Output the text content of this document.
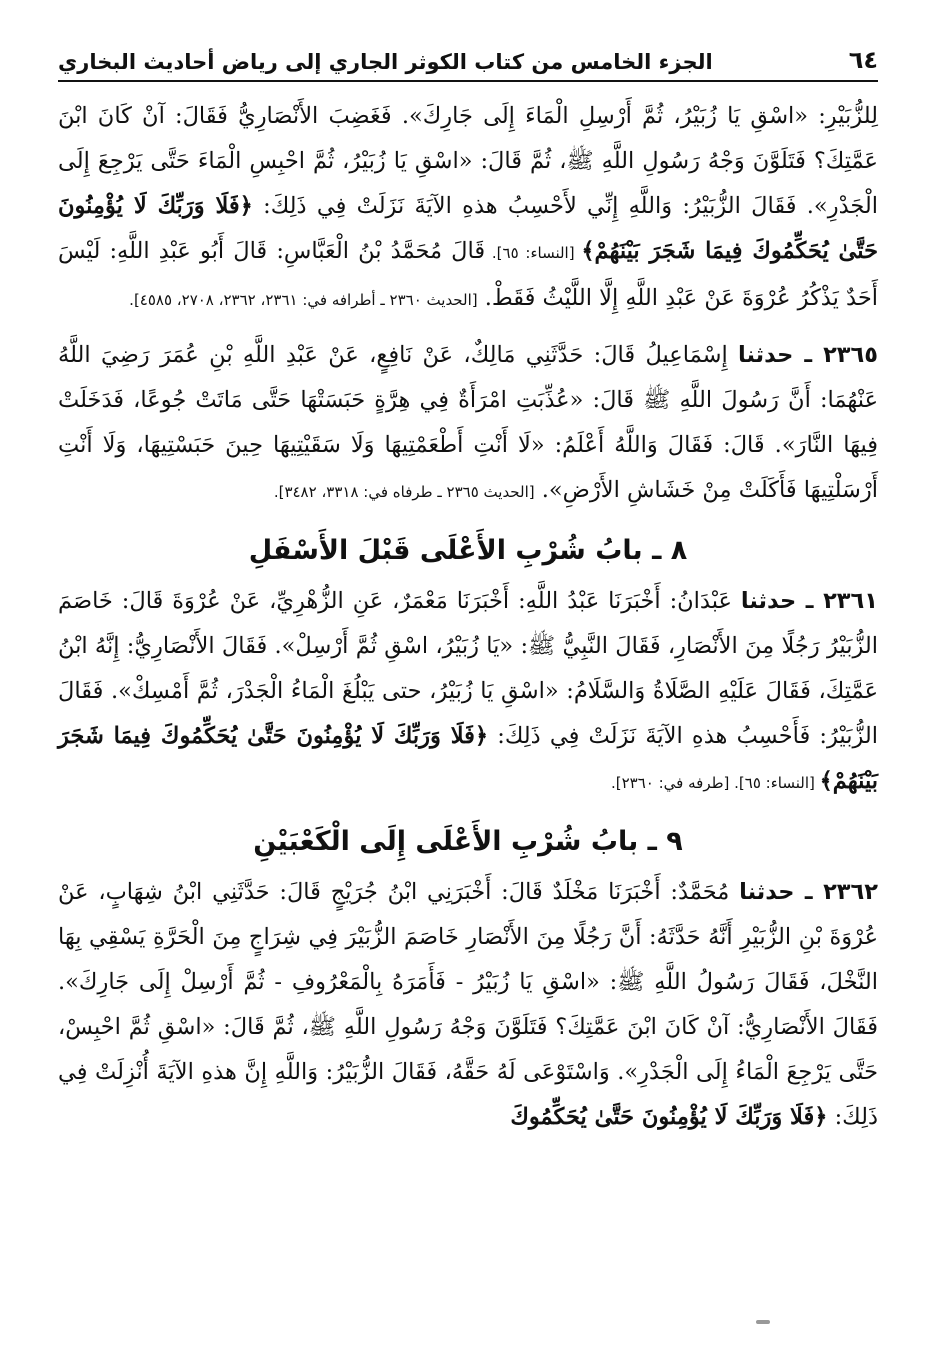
٦٤
الجزء الخامس من كتاب الكوثر الجاري إلى رياض أحاديث البخاري

لِلزُّبَيْرِ: «اسْقِ يَا زُبَيْرُ، ثُمَّ أَرْسِلِ الْمَاءَ إِلَى جَارِكَ». فَغَضِبَ الأَنْصَارِيُّ فَقَالَ: آنْ كَانَ ابْنَ عَمَّتِكَ؟ فَتَلَوَّنَ وَجْهُ رَسُولِ اللَّهِ ﷺ، ثُمَّ قَالَ: «اسْقِ يَا زُبَيْرُ، ثُمَّ احْبِسِ الْمَاءَ حَتَّى يَرْجِعَ إِلَى الْجَدْرِ». فَقَالَ الزُّبَيْرُ: وَاللَّهِ إِنِّي لأَحْسِبُ هذهِ الآيَةَ نَزَلَتْ فِي ذَلِكَ: ﴿فَلَا وَرَبِّكَ لَا يُؤْمِنُونَ حَتَّىٰ يُحَكِّمُوكَ فِيمَا شَجَرَ بَيْنَهُمْ﴾ [النساء: ٦٥]. قَالَ مُحَمَّدُ بْنُ الْعَبَّاسِ: قَالَ أَبُو عَبْدِ اللَّهِ: لَيْسَ أَحَدٌ يَذْكُرُ عُرْوَةَ عَنْ عَبْدِ اللَّهِ إِلَّا اللَّيْثُ فَقَطْ. [الحديث ٢٣٦٠ ـ أطرافه في: ٢٣٦١، ٢٣٦٢، ٢٧٠٨، ٤٥٨٥].

٢٣٦٥ ـ حدثنا إِسْمَاعِيلُ قَالَ: حَدَّثَنِي مَالِكٌ، عَنْ نَافِعٍ، عَنْ عَبْدِ اللَّهِ بْنِ عُمَرَ رَضِيَ اللَّهُ عَنْهُمَا: أَنَّ رَسُولَ اللَّهِ ﷺ قَالَ: «عُذِّبَتِ امْرَأَةٌ فِي هِرَّةٍ حَبَسَتْهَا حَتَّى مَاتَتْ جُوعًا، فَدَخَلَتْ فِيهَا النَّارَ». قَالَ: فَقَالَ وَاللَّهُ أَعْلَمُ: «لَا أَنْتِ أَطْعَمْتِيهَا وَلَا سَقَيْتِيهَا حِينَ حَبَسْتِيهَا، وَلَا أَنْتِ أَرْسَلْتِيهَا فَأَكَلَتْ مِنْ خَشَاشِ الأَرْضِ». [الحديث ٢٣٦٥ ـ طرفاه في: ٣٣١٨، ٣٤٨٢].

٨ ـ بابُ شُرْبِ الأَعْلَى قَبْلَ الأَسْفَلِ

٢٣٦١ ـ حدثنا عَبْدَانُ: أَخْبَرَنَا عَبْدُ اللَّهِ: أَخْبَرَنَا مَعْمَرٌ، عَنِ الزُّهْرِيِّ، عَنْ عُرْوَةَ قَالَ: خَاصَمَ الزُّبَيْرُ رَجُلًا مِنَ الأَنْصَارِ، فَقَالَ النَّبِيُّ ﷺ: «يَا زُبَيْرُ، اسْقِ ثُمَّ أَرْسِلْ». فَقَالَ الأَنْصَارِيُّ: إِنَّهُ ابْنُ عَمَّتِكَ، فَقَالَ عَلَيْهِ الصَّلَاةُ وَالسَّلَامُ: «اسْقِ يَا زُبَيْرُ، حتى يَبْلُغَ الْمَاءُ الْجَدْرَ، ثُمَّ أَمْسِكْ». فَقَالَ الزُّبَيْرُ: فَأَحْسِبُ هذهِ الآيَةَ نَزَلَتْ فِي ذَلِكَ: ﴿فَلَا وَرَبِّكَ لَا يُؤْمِنُونَ حَتَّىٰ يُحَكِّمُوكَ فِيمَا شَجَرَ بَيْنَهُمْ﴾ [النساء: ٦٥]. [طرفه في: ٢٣٦٠].

٩ ـ بابُ شُرْبِ الأَعْلَى إِلَى الْكَعْبَيْنِ

٢٣٦٢ ـ حدثنا مُحَمَّدٌ: أَخْبَرَنَا مَخْلَدٌ قَالَ: أَخْبَرَنِي ابْنُ جُرَيْجٍ قَالَ: حَدَّثَنِي ابْنُ شِهَابٍ، عَنْ عُرْوَةَ بْنِ الزُّبَيْرِ أَنَّهُ حَدَّثَهُ: أَنَّ رَجُلًا مِنَ الأَنْصَارِ خَاصَمَ الزُّبَيْرَ فِي شِرَاجٍ مِنَ الْحَرَّةِ يَسْقِي بِهَا النَّخْلَ، فَقَالَ رَسُولُ اللَّهِ ﷺ: «اسْقِ يَا زُبَيْرُ - فَأَمَرَهُ بِالْمَعْرُوفِ - ثُمَّ أَرْسِلْ إِلَى جَارِكَ». فَقَالَ الأَنْصَارِيُّ: آنْ كَانَ ابْنَ عَمَّتِكَ؟ فَتَلَوَّنَ وَجْهُ رَسُولِ اللَّهِ ﷺ، ثُمَّ قَالَ: «اسْقِ ثُمَّ احْبِسْ، حَتَّى يَرْجِعَ الْمَاءُ إِلَى الْجَدْرِ». وَاسْتَوْعَى لَهُ حَقَّهُ، فَقَالَ الزُّبَيْرُ: وَاللَّهِ إِنَّ هذهِ الآيَةَ أُنْزِلَتْ فِي ذَلِكَ: ﴿فَلَا وَرَبِّكَ لَا يُؤْمِنُونَ حَتَّىٰ يُحَكِّمُوكَ
